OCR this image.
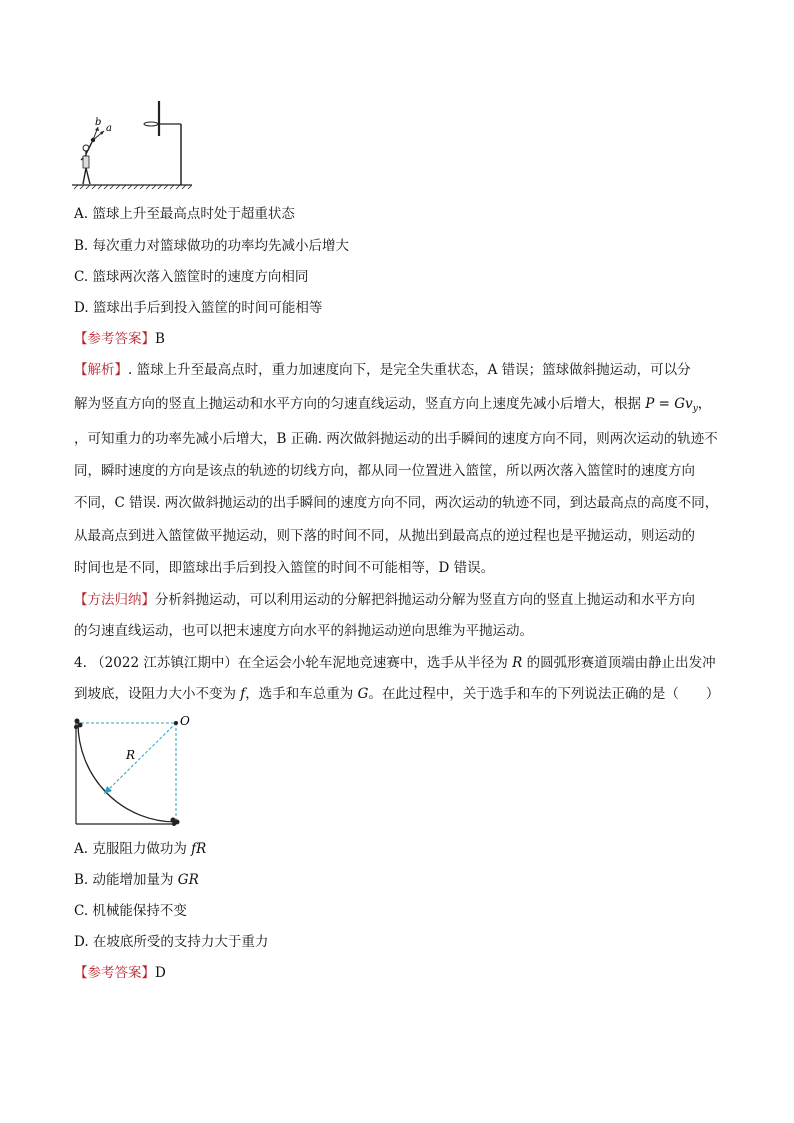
a
b
A. 篮球上升至最高点时处于超重状态
B. 每次重力对篮球做功的功率均先减小后增大
C. 篮球两次落入篮筐时的速度方向相同
D. 篮球出手后到投入篮筐的时间可能相等
【参考答案】B
【解析】. 篮球上升至最高点时，重力加速度向下，是完全失重状态，A 错误；篮球做斜抛运动，可以分
解为竖直方向的竖直上抛运动和水平方向的匀速直线运动，竖直方向上速度先减小后增大，根据 $P = Gv_y$，
，可知重力的功率先减小后增大，B 正确. 两次做斜抛运动的出手瞬间的速度方向不同，则两次运动的轨迹不
同，瞬时速度的方向是该点的轨迹的切线方向，都从同一位置进入篮筐，所以两次落入篮筐时的速度方向
不同，C 错误. 两次做斜抛运动的出手瞬间的速度方向不同，两次运动的轨迹不同，到达最高点的高度不同，
从最高点到进入篮筐做平抛运动，则下落的时间不同，从抛出到最高点的逆过程也是平抛运动，则运动的
时间也是不同，即篮球出手后到投入篮筐的时间不可能相等，D 错误。
【方法归纳】分析斜抛运动，可以利用运动的分解把斜抛运动分解为竖直方向的竖直上抛运动和水平方向
的匀速直线运动，也可以把末速度方向水平的斜抛运动逆向思维为平抛运动。
4. （2022 江苏镇江期中）在全运会小轮车泥地竞速赛中，选手从半径为 R 的圆弧形赛道顶端由静止出发冲
到坡底，设阻力大小不变为 f，选手和车总重为 G。在此过程中，关于选手和车的下列说法正确的是（　　）
O
R
A. 克服阻力做功为 fR
B. 动能增加量为 GR
C. 机械能保持不变
D. 在坡底所受的支持力大于重力
【参考答案】D
